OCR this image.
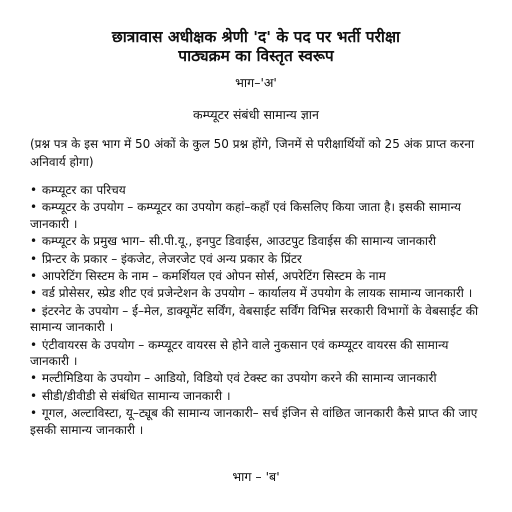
छात्रावास अधीक्षक श्रेणी 'द' के पद पर भर्ती परीक्षा
पाठ्यक्रम का विस्तृत स्वरूप
भाग–'अ'
कम्प्यूटर संबंधी सामान्य ज्ञान
(प्रश्न पत्र के इस भाग में 50 अंकों के कुल 50 प्रश्न होंगे, जिनमें से परीक्षार्थियों को 25 अंक प्राप्त करना अनिवार्य होगा)
• कम्प्यूटर का परिचय
• कम्प्यूटर के उपयोग – कम्प्यूटर का उपयोग कहां–कहॉं एवं किसलिए किया जाता है। इसकी सामान्य जानकारी ।
• कम्प्यूटर के प्रमुख भाग– सी.पी.यू., इनपुट डिवाईस, आउटपुट डिवाईस की सामान्य जानकारी
• प्रिन्टर के प्रकार – इंकजेट, लेजरजेट एवं अन्य प्रकार के प्रिंटर
• आपरेटिंग सिस्टम के नाम – कमर्शियल एवं ओपन सोर्स, अपरेटिंग सिस्टम के नाम
• वर्ड प्रोसेसर, स्प्रेड शीट एवं प्रजेन्टेशन के उपयोग – कार्यालय में उपयोग के लायक सामान्य जानकारी ।
• इंटरनेट के उपयोग – ई–मेल, डाक्यूमेंट सर्विंग, वेबसाईट सर्विंग विभिन्न सरकारी विभागों के वेबसाईट की सामान्य जानकारी ।
• एंटीवायरस के उपयोग – कम्प्यूटर वायरस से होने वाले नुकसान एवं कम्प्यूटर वायरस की सामान्य जानकारी ।
• मल्टीमिडिया के उपयोग – आडियो, विडियो एवं टेक्स्ट का उपयोग करने की सामान्य जानकारी
• सीडी/डीवीडी से संबंधित सामान्य जानकारी ।
• गूगल, अल्टाविस्टा, यू–ट्यूब की सामान्य जानकारी– सर्च इंजिन से वांछित जानकारी कैसे प्राप्त की जाए इसकी सामान्य जानकारी ।
भाग – 'ब'
